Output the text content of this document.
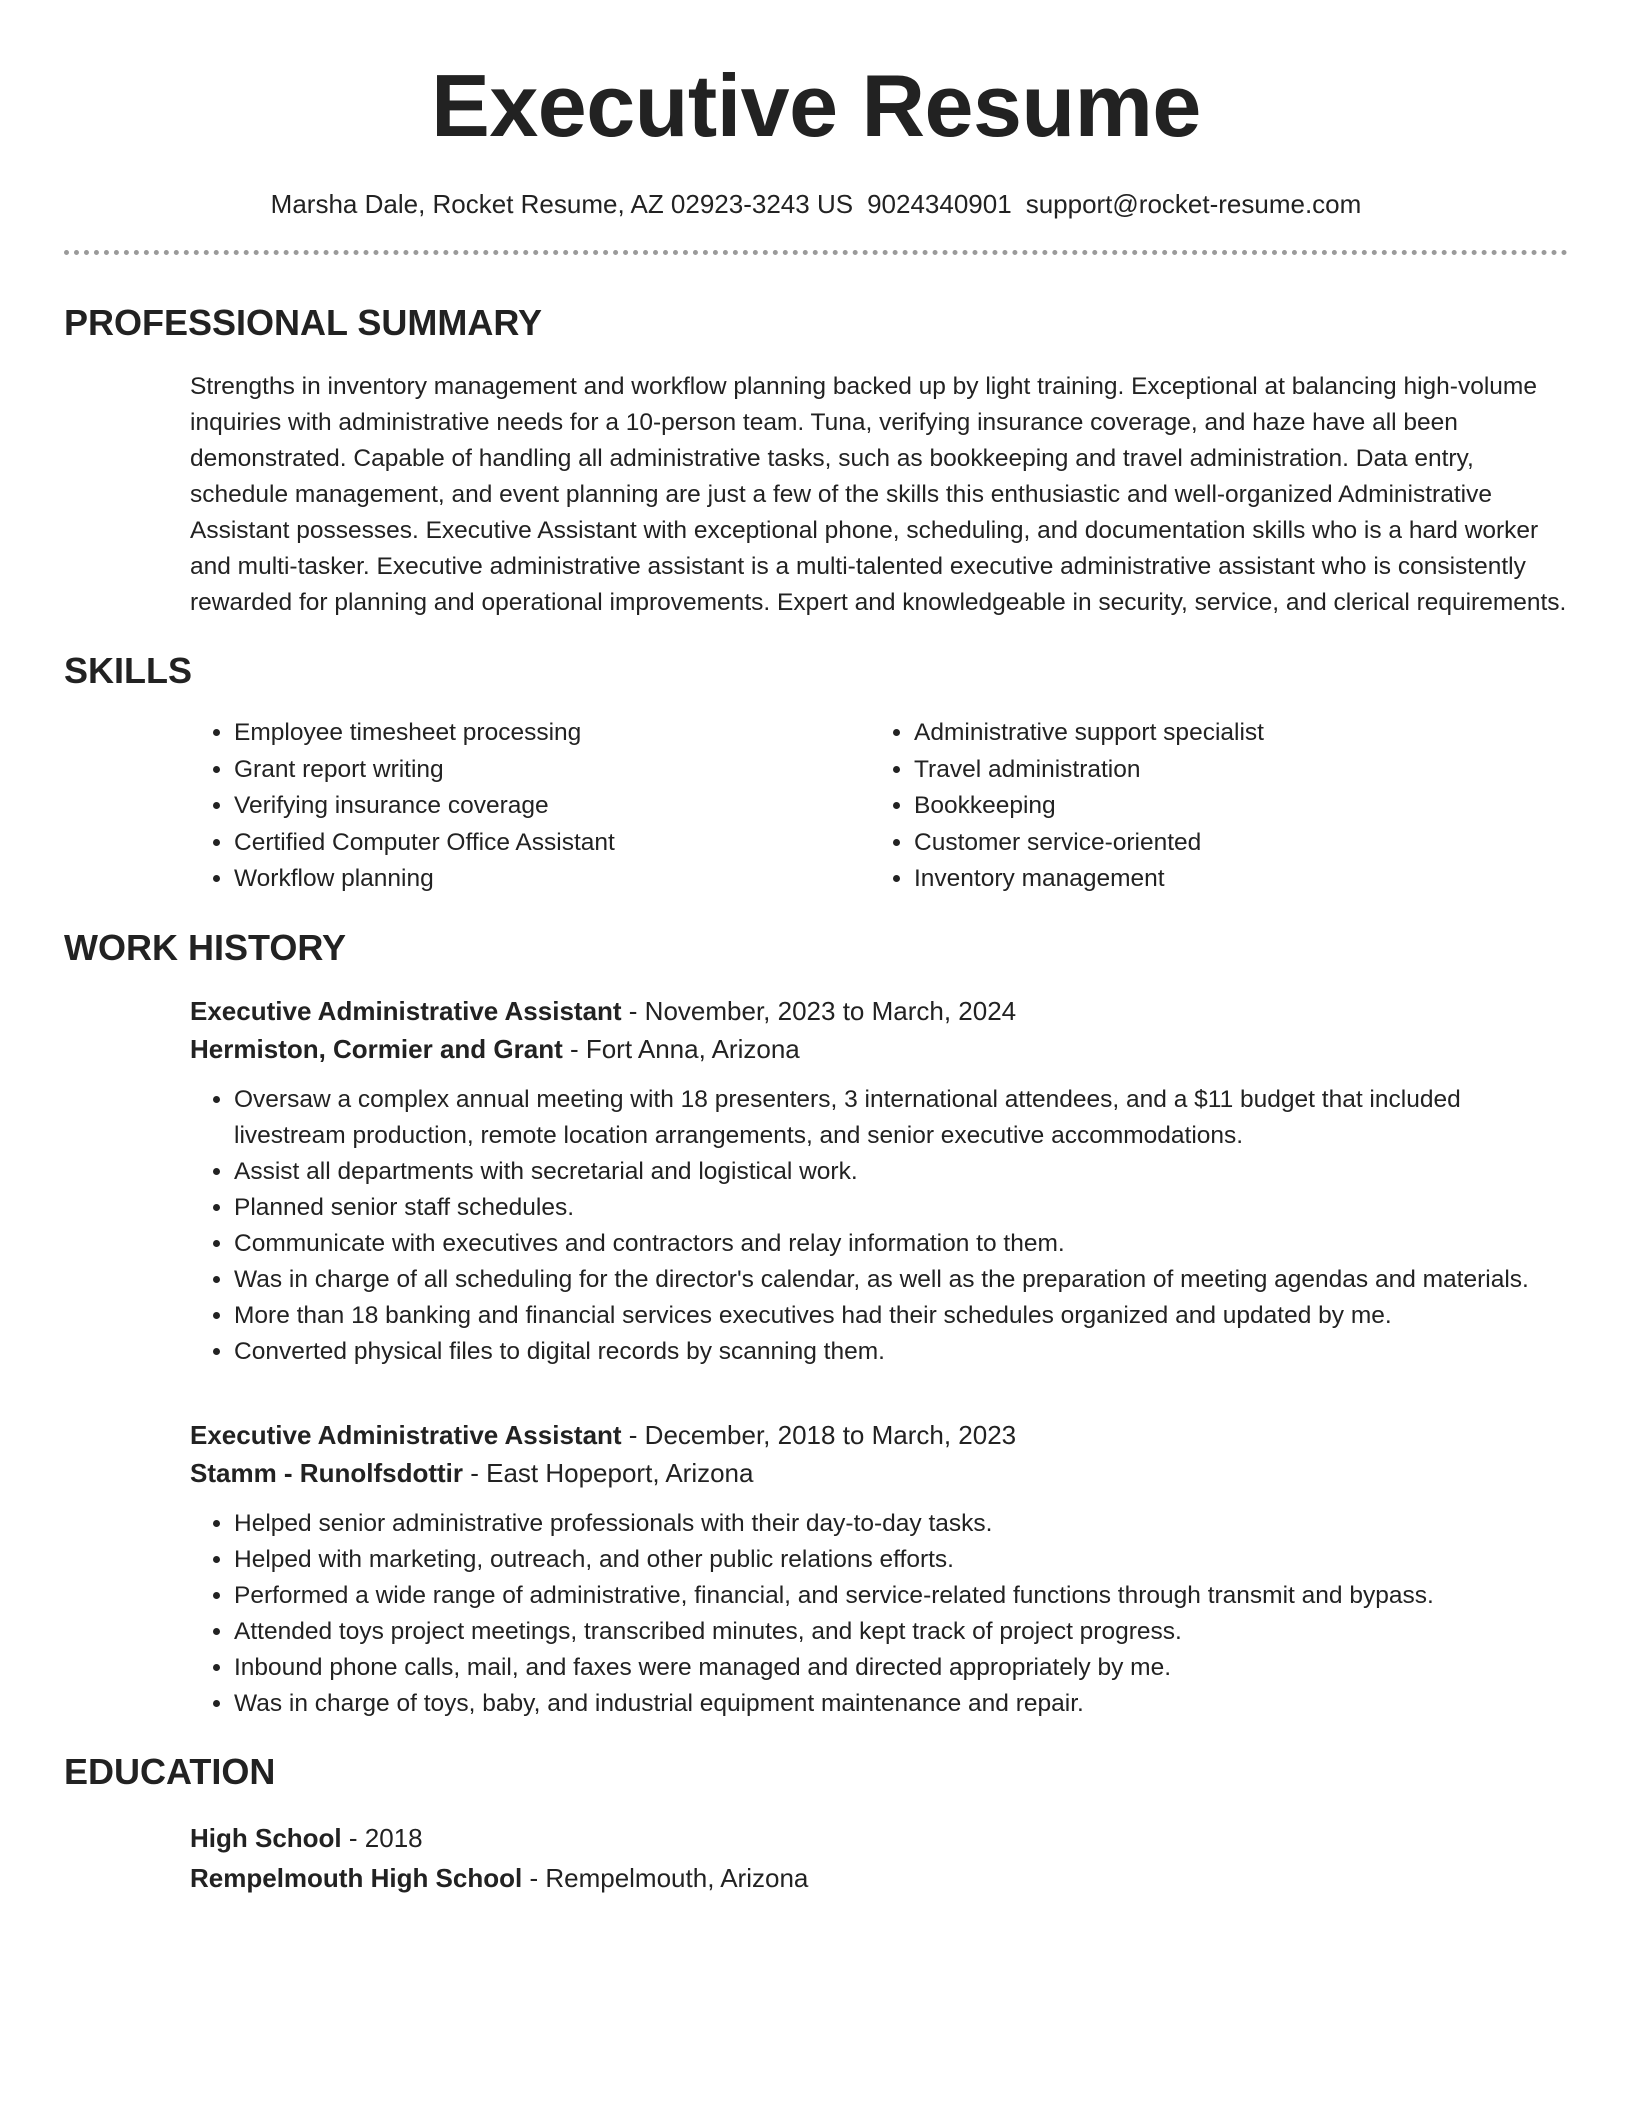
Executive Resume
Marsha Dale, Rocket Resume, AZ 02923-3243 US 9024340901 support@rocket-resume.com
PROFESSIONAL SUMMARY
Strengths in inventory management and workflow planning backed up by light training. Exceptional at balancing high-volume inquiries with administrative needs for a 10-person team. Tuna, verifying insurance coverage, and haze have all been demonstrated. Capable of handling all administrative tasks, such as bookkeeping and travel administration. Data entry, schedule management, and event planning are just a few of the skills this enthusiastic and well-organized Administrative Assistant possesses. Executive Assistant with exceptional phone, scheduling, and documentation skills who is a hard worker and multi-tasker. Executive administrative assistant is a multi-talented executive administrative assistant who is consistently rewarded for planning and operational improvements. Expert and knowledgeable in security, service, and clerical requirements.
SKILLS
• Employee timesheet processing
• Grant report writing
• Verifying insurance coverage
• Certified Computer Office Assistant
• Workflow planning
• Administrative support specialist
• Travel administration
• Bookkeeping
• Customer service-oriented
• Inventory management
WORK HISTORY
Executive Administrative Assistant - November, 2023 to March, 2024
Hermiston, Cormier and Grant - Fort Anna, Arizona
• Oversaw a complex annual meeting with 18 presenters, 3 international attendees, and a $11 budget that included livestream production, remote location arrangements, and senior executive accommodations.
• Assist all departments with secretarial and logistical work.
• Planned senior staff schedules.
• Communicate with executives and contractors and relay information to them.
• Was in charge of all scheduling for the director's calendar, as well as the preparation of meeting agendas and materials.
• More than 18 banking and financial services executives had their schedules organized and updated by me.
• Converted physical files to digital records by scanning them.
Executive Administrative Assistant - December, 2018 to March, 2023
Stamm - Runolfsdottir - East Hopeport, Arizona
• Helped senior administrative professionals with their day-to-day tasks.
• Helped with marketing, outreach, and other public relations efforts.
• Performed a wide range of administrative, financial, and service-related functions through transmit and bypass.
• Attended toys project meetings, transcribed minutes, and kept track of project progress.
• Inbound phone calls, mail, and faxes were managed and directed appropriately by me.
• Was in charge of toys, baby, and industrial equipment maintenance and repair.
EDUCATION
High School - 2018
Rempelmouth High School - Rempelmouth, Arizona
